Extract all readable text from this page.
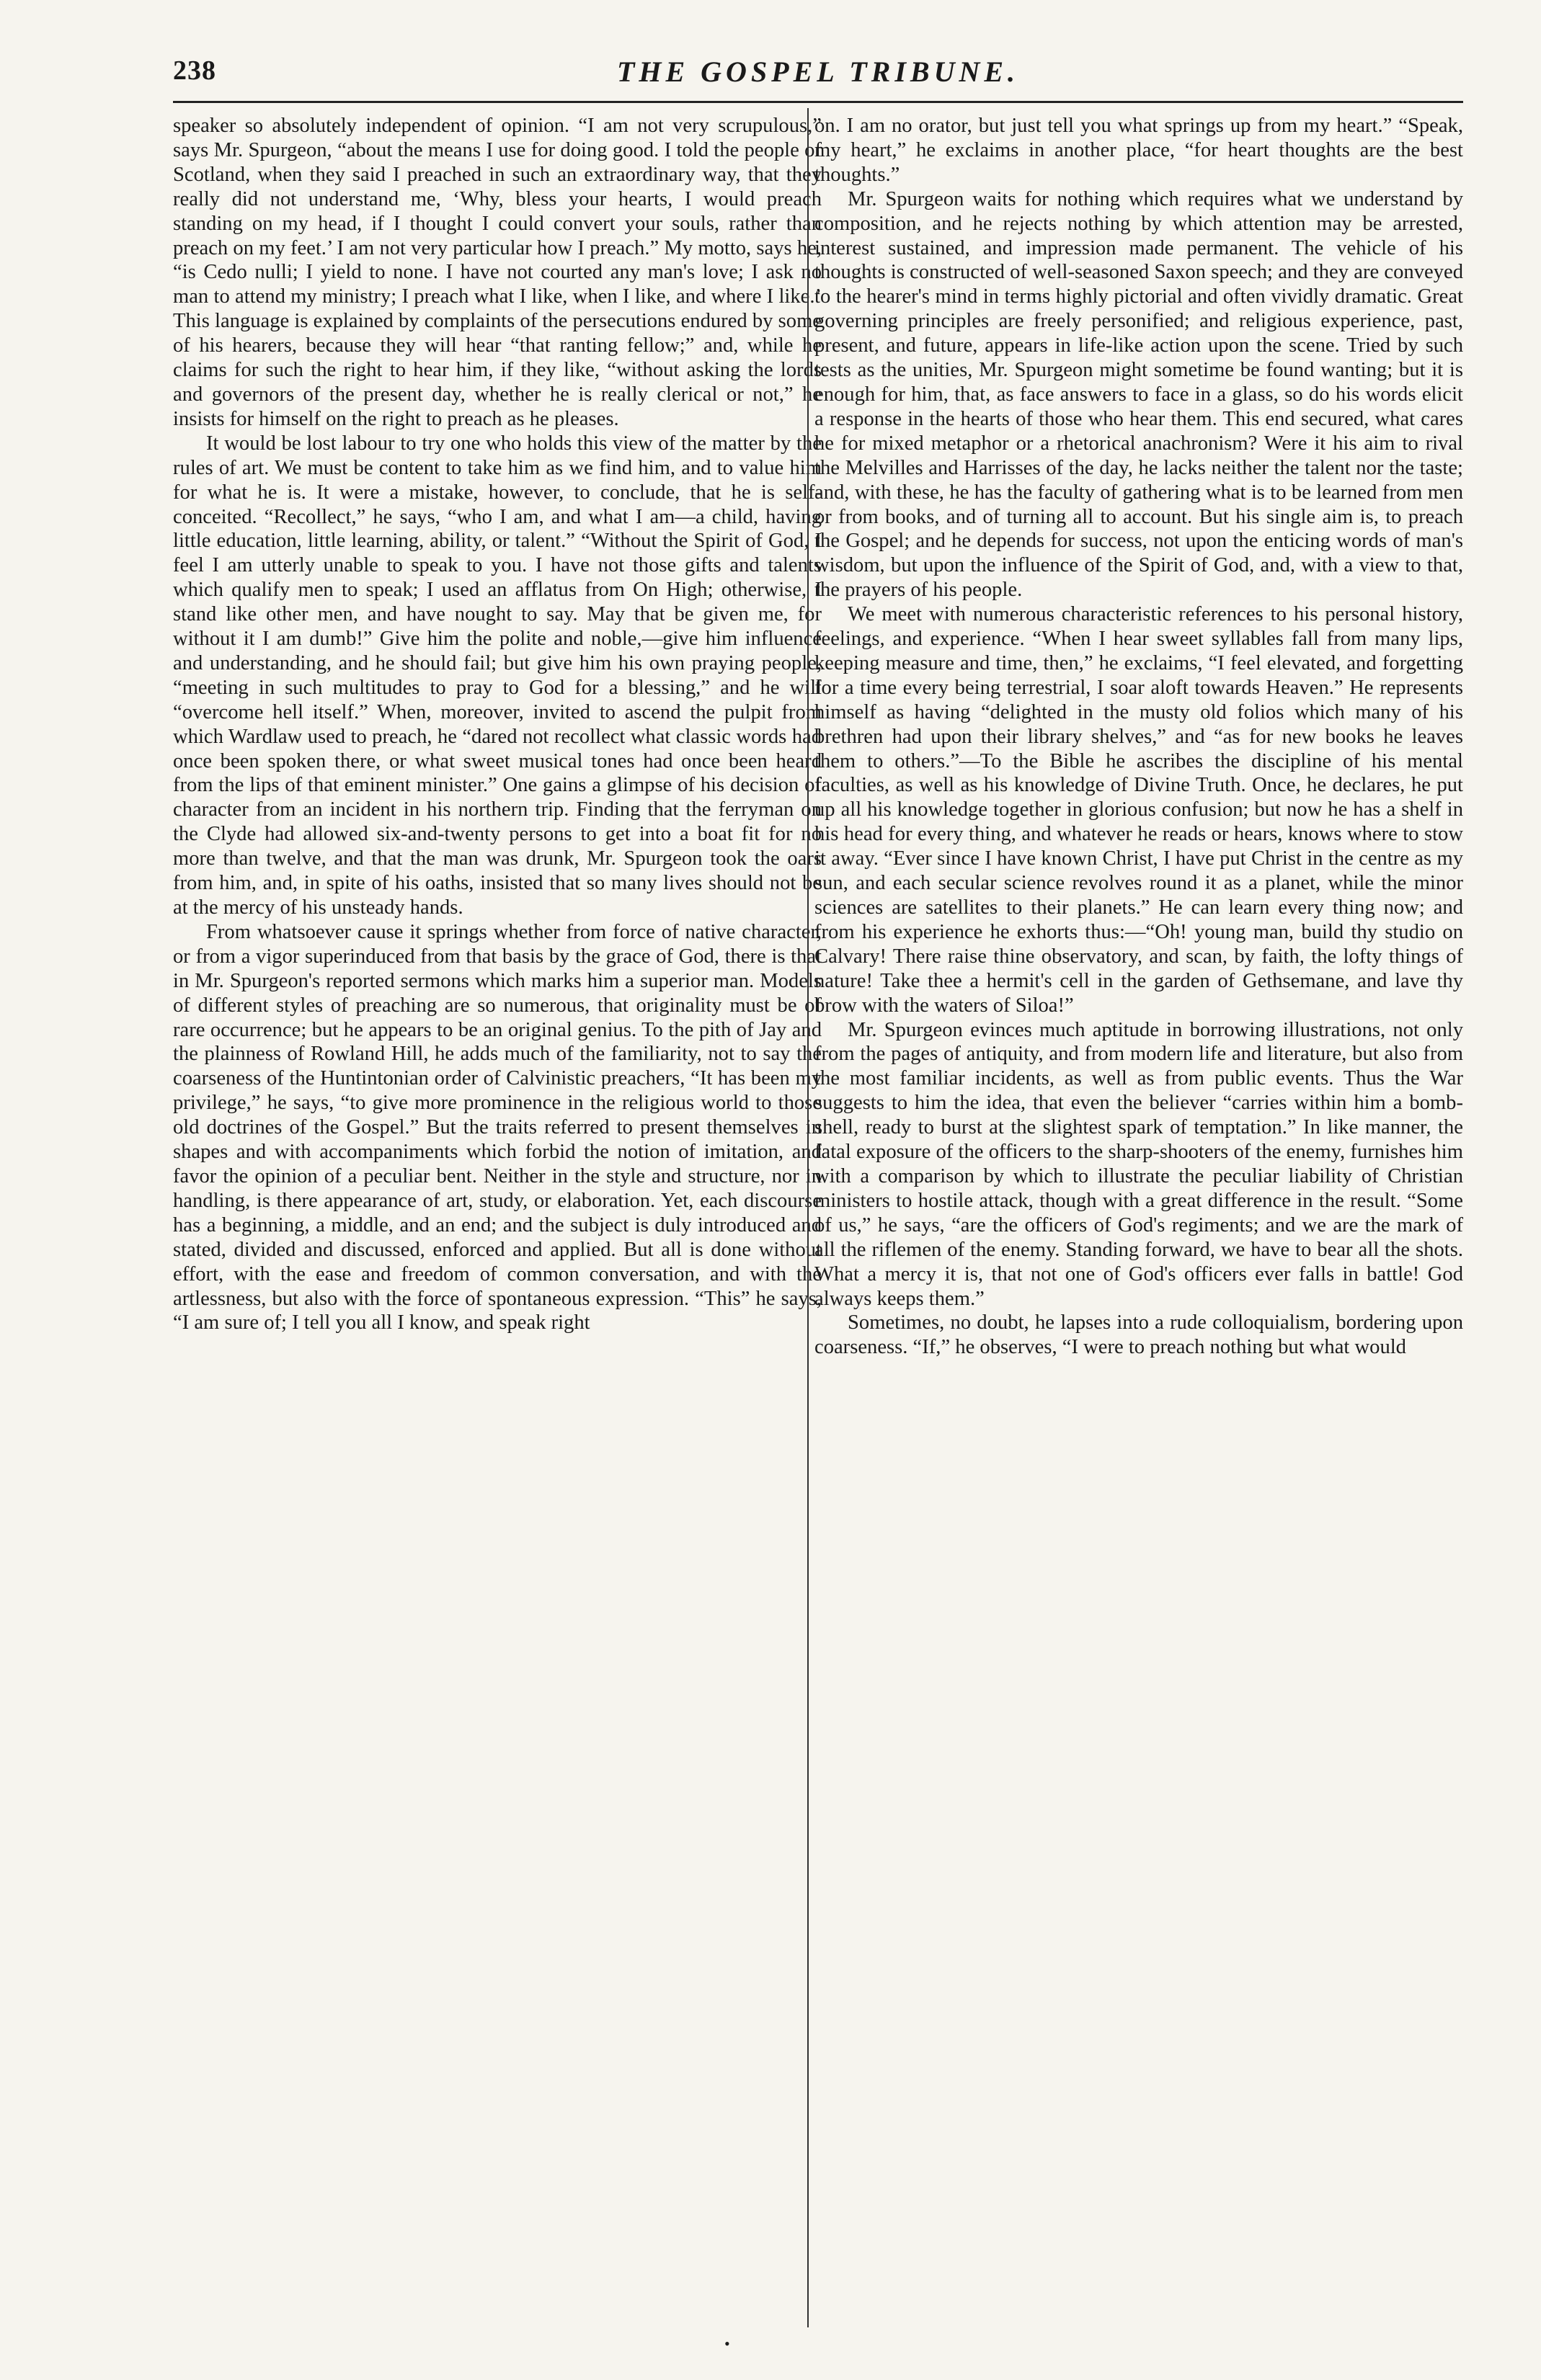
238	THE GOSPEL TRIBUNE.

speaker so absolutely independent of opinion. “I am not very scrupulous,” says Mr. Spurgeon, “about the means I use for doing good. I told the people of Scotland, when they said I preached in such an extraordinary way, that they really did not understand me, ‘Why, bless your hearts, I would preach standing on my head, if I thought I could convert your souls, rather than preach on my feet.’ I am not very particular how I preach.” My motto, says he, “is Cedo nulli; I yield to none. I have not courted any man's love; I ask no man to attend my ministry; I preach what I like, when I like, and where I like.’ This language is explained by complaints of the persecutions endured by some of his hearers, because they will hear “that ranting fellow;” and, while he claims for such the right to hear him, if they like, “without asking the lords and governors of the present day, whether he is really clerical or not,” he insists for himself on the right to preach as he pleases.

It would be lost labour to try one who holds this view of the matter by the rules of art. We must be content to take him as we find him, and to value him for what he is. It were a mistake, however, to conclude, that he is self-conceited. “Recollect,” he says, “who I am, and what I am—a child, having little education, little learning, ability, or talent.” “Without the Spirit of God, I feel I am utterly unable to speak to you. I have not those gifts and talents which qualify men to speak; I used an afflatus from On High; otherwise, I stand like other men, and have nought to say. May that be given me, for without it I am dumb!” Give him the polite and noble,—give him influence and understanding, and he should fail; but give him his own praying people, “meeting in such multitudes to pray to God for a blessing,” and he will “overcome hell itself.” When, moreover, invited to ascend the pulpit from which Wardlaw used to preach, he “dared not recollect what classic words had once been spoken there, or what sweet musical tones had once been heard from the lips of that eminent minister.” One gains a glimpse of his decision of character from an incident in his northern trip. Finding that the ferryman on the Clyde had allowed six-and-twenty persons to get into a boat fit for no more than twelve, and that the man was drunk, Mr. Spurgeon took the oars from him, and, in spite of his oaths, insisted that so many lives should not be at the mercy of his unsteady hands.

From whatsoever cause it springs whether from force of native character, or from a vigor superinduced from that basis by the grace of God, there is that in Mr. Spurgeon's reported sermons which marks him a superior man. Models of different styles of preaching are so numerous, that originality must be of rare occurrence; but he appears to be an original genius. To the pith of Jay and the plainness of Rowland Hill, he adds much of the familiarity, not to say the coarseness of the Huntintonian order of Calvinistic preachers, “It has been my privilege,” he says, “to give more prominence in the religious world to those old doctrines of the Gospel.” But the traits referred to present themselves in shapes and with accompaniments which forbid the notion of imitation, and favor the opinion of a peculiar bent. Neither in the style and structure, nor in handling, is there appearance of art, study, or elaboration. Yet, each discourse has a beginning, a middle, and an end; and the subject is duly introduced and stated, divided and discussed, enforced and applied. But all is done without effort, with the ease and freedom of common conversation, and with the artlessness, but also with the force of spontaneous expression. “This” he says, “I am sure of; I tell you all I know, and speak right

on. I am no orator, but just tell you what springs up from my heart.” “Speak, my heart,” he exclaims in another place, “for heart thoughts are the best thoughts.”

Mr. Spurgeon waits for nothing which requires what we understand by composition, and he rejects nothing by which attention may be arrested, interest sustained, and impression made permanent. The vehicle of his thoughts is constructed of well-seasoned Saxon speech; and they are conveyed to the hearer's mind in terms highly pictorial and often vividly dramatic. Great governing principles are freely personified; and religious experience, past, present, and future, appears in life-like action upon the scene. Tried by such tests as the unities, Mr. Spurgeon might sometime be found wanting; but it is enough for him, that, as face answers to face in a glass, so do his words elicit a response in the hearts of those who hear them. This end secured, what cares he for mixed metaphor or a rhetorical anachronism? Were it his aim to rival the Melvilles and Harrisses of the day, he lacks neither the talent nor the taste; and, with these, he has the faculty of gathering what is to be learned from men or from books, and of turning all to account. But his single aim is, to preach the Gospel; and he depends for success, not upon the enticing words of man's wisdom, but upon the influence of the Spirit of God, and, with a view to that, the prayers of his people.

We meet with numerous characteristic references to his personal history, feelings, and experience. “When I hear sweet syllables fall from many lips, keeping measure and time, then,” he exclaims, “I feel elevated, and forgetting for a time every being terrestrial, I soar aloft towards Heaven.” He represents himself as having “delighted in the musty old folios which many of his brethren had upon their library shelves,” and “as for new books he leaves them to others.”—To the Bible he ascribes the discipline of his mental faculties, as well as his knowledge of Divine Truth. Once, he declares, he put up all his knowledge together in glorious confusion; but now he has a shelf in his head for every thing, and whatever he reads or hears, knows where to stow it away. “Ever since I have known Christ, I have put Christ in the centre as my sun, and each secular science revolves round it as a planet, while the minor sciences are satellites to their planets.” He can learn every thing now; and from his experience he exhorts thus:—“Oh! young man, build thy studio on Calvary! There raise thine observatory, and scan, by faith, the lofty things of nature! Take thee a hermit's cell in the garden of Gethsemane, and lave thy brow with the waters of Siloa!”

Mr. Spurgeon evinces much aptitude in borrowing illustrations, not only from the pages of antiquity, and from modern life and literature, but also from the most familiar incidents, as well as from public events. Thus the War suggests to him the idea, that even the believer “carries within him a bomb-shell, ready to burst at the slightest spark of temptation.” In like manner, the fatal exposure of the officers to the sharp-shooters of the enemy, furnishes him with a comparison by which to illustrate the peculiar liability of Christian ministers to hostile attack, though with a great difference in the result. “Some of us,” he says, “are the officers of God's regiments; and we are the mark of all the riflemen of the enemy. Standing forward, we have to bear all the shots. What a mercy it is, that not one of God's officers ever falls in battle! God always keeps them.”

Sometimes, no doubt, he lapses into a rude colloquialism, bordering upon coarseness. “If,” he observes, “I were to preach nothing but what would

•
